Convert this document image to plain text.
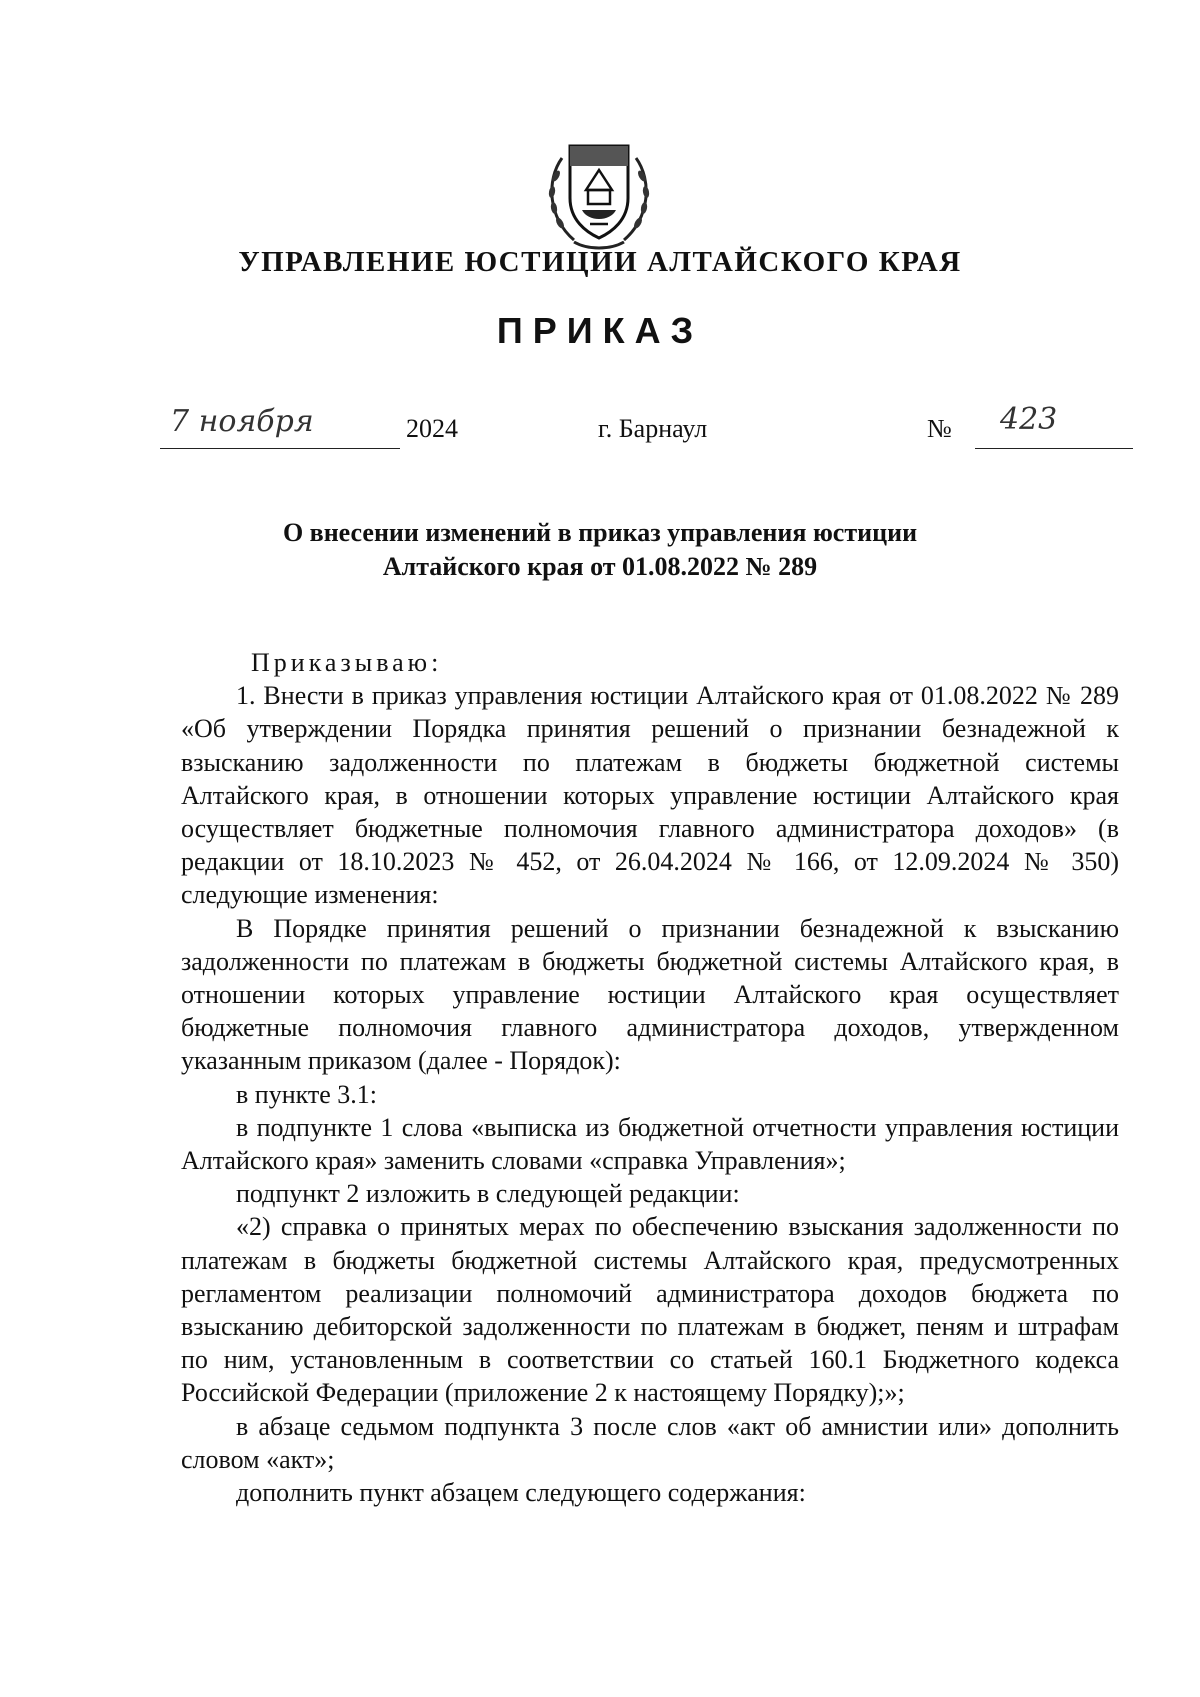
УПРАВЛЕНИЕ ЮСТИЦИИ АЛТАЙСКОГО КРАЯ
ПРИКАЗ
7 ноября	2024	г. Барнаул	№ 423
О внесении изменений в приказ управления юстиции
Алтайского края от 01.08.2022 № 289

Приказываю:

1. Внести в приказ управления юстиции Алтайского края от 01.08.2022 № 289 «Об утверждении Порядка принятия решений о признании безнадежной к взысканию задолженности по платежам в бюджеты бюджетной системы Алтайского края, в отношении которых управление юстиции Алтайского края осуществляет бюджетные полномочия главного администратора доходов» (в редакции от 18.10.2023 № 452, от 26.04.2024 № 166, от 12.09.2024 № 350) следующие изменения:

В Порядке принятия решений о признании безнадежной к взысканию задолженности по платежам в бюджеты бюджетной системы Алтайского края, в отношении которых управление юстиции Алтайского края осуществляет бюджетные полномочия главного администратора доходов, утвержденном указанным приказом (далее - Порядок):

в пункте 3.1:

в подпункте 1 слова «выписка из бюджетной отчетности управления юстиции Алтайского края» заменить словами «справка Управления»;

подпункт 2 изложить в следующей редакции:

«2) справка о принятых мерах по обеспечению взыскания задолженности по платежам в бюджеты бюджетной системы Алтайского края, предусмотренных регламентом реализации полномочий администратора доходов бюджета по взысканию дебиторской задолженности по платежам в бюджет, пеням и штрафам по ним, установленным в соответствии со статьей 160.1 Бюджетного кодекса Российской Федерации (приложение 2 к настоящему Порядку);»;

в абзаце седьмом подпункта 3 после слов «акт об амнистии или» дополнить словом «акт»;

дополнить пункт абзацем следующего содержания:
